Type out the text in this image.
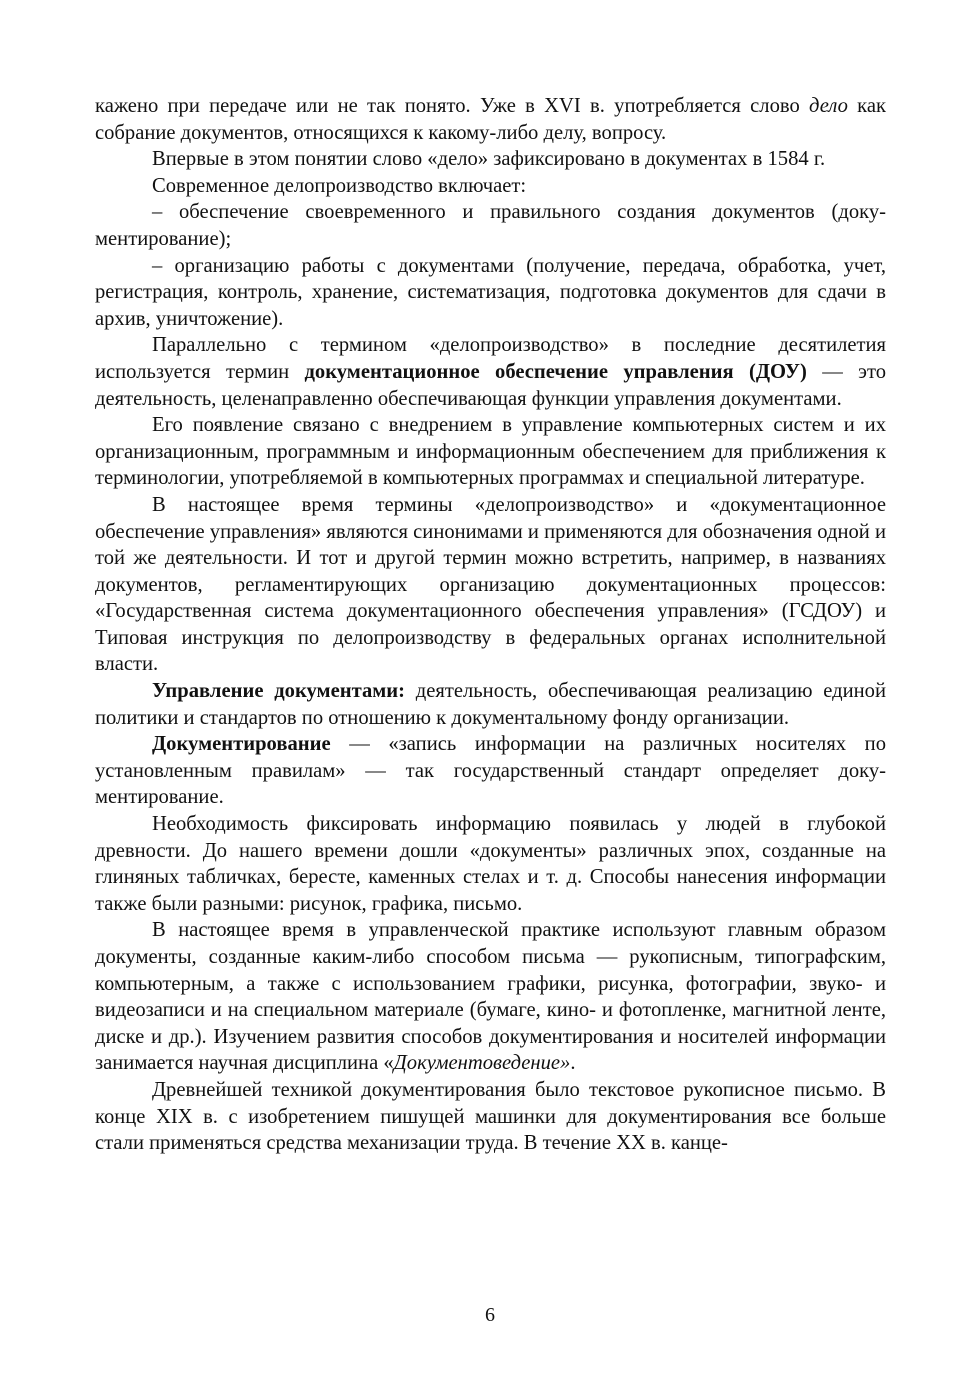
кажено при передаче или не так понято. Уже в XVI в. употребляется слово дело как собрание документов, относящихся к какому-либо делу, вопросу.

Впервые в этом понятии слово «дело» зафиксировано в документах в 1584 г.

Современное делопроизводство включает:

– обеспечение своевременного и правильного создания документов (документирование);

– организацию работы с документами (получение, передача, обработка, учет, регистрация, контроль, хранение, систематизация, подготовка документов для сдачи в архив, уничтожение).

Параллельно с термином «делопроизводство» в последние десятилетия используется термин документационное обеспечение управления (ДОУ) — это деятельность, целенаправленно обеспечивающая функции управления документами.

Его появление связано с внедрением в управление компьютерных систем и их организационным, программным и информационным обеспечением для приближения к терминологии, употребляемой в компьютерных программах и специальной литературе.

В настоящее время термины «делопроизводство» и «документационное обеспечение управления» являются синонимами и применяются для обозначения одной и той же деятельности. И тот и другой термин можно встретить, например, в названиях документов, регламентирующих организацию документационных процессов: «Государственная система документационного обеспечения управления» (ГСДОУ) и Типовая инструкция по делопроизводству в федеральных органах исполнительной власти.

Управление документами: деятельность, обеспечивающая реализацию единой политики и стандартов по отношению к документальному фонду организации.

Документирование — «запись информации на различных носителях по установленным правилам» — так государственный стандарт определяет документирование.

Необходимость фиксировать информацию появилась у людей в глубокой древности. До нашего времени дошли «документы» различных эпох, созданные на глиняных табличках, бересте, каменных стелах и т. д. Способы нанесения информации также были разными: рисунок, графика, письмо.

В настоящее время в управленческой практике используют главным образом документы, созданные каким-либо способом письма — рукописным, типографским, компьютерным, а также с использованием графики, рисунка, фотографии, звуко- и видеозаписи и на специальном материале (бумаге, кино- и фотопленке, магнитной ленте, диске и др.). Изучением развития способов документирования и носителей информации занимается научная дисциплина «Документоведение».

Древнейшей техникой документирования было текстовое рукописное письмо. В конце XIX в. с изобретением пишущей машинки для документирования все больше стали применяться средства механизации труда. В течение XX в. канце-

6
